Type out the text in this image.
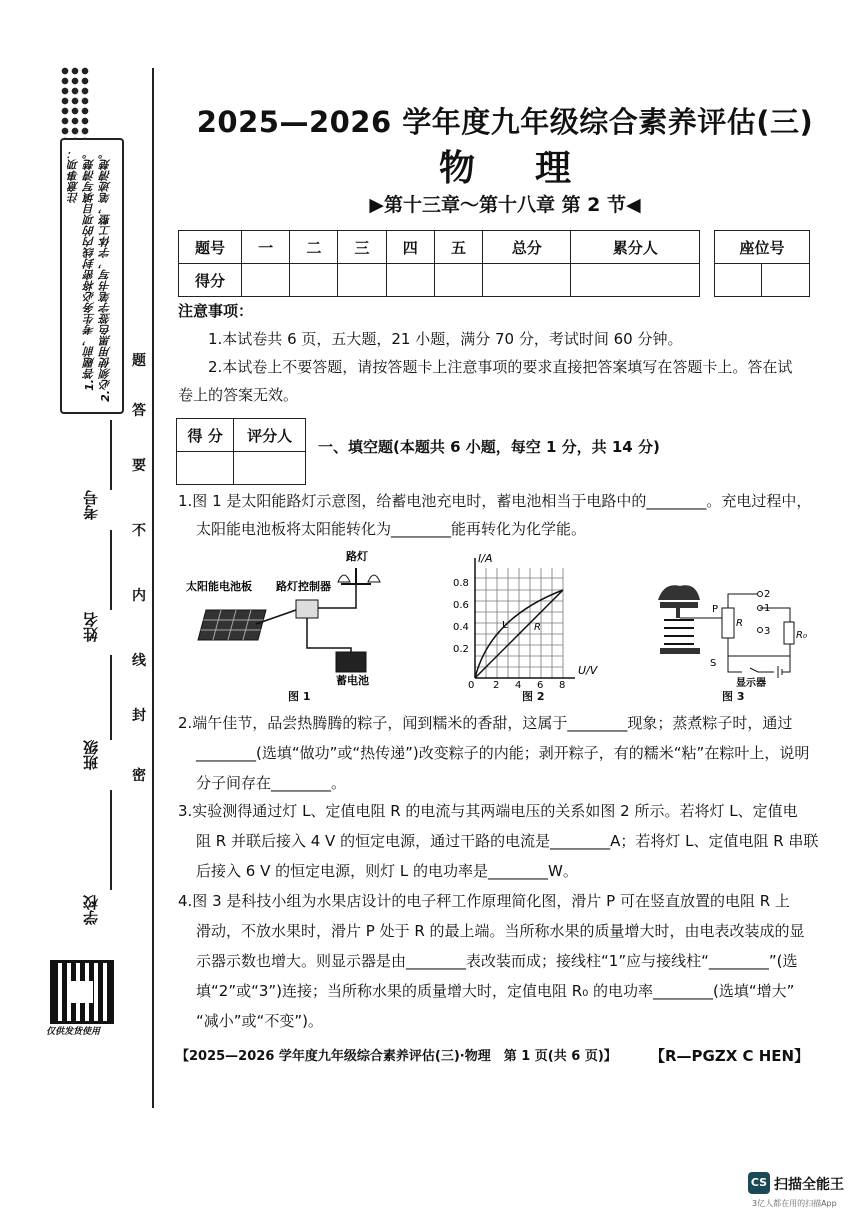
注意事项： 1.答题前，考生务必将密封线内的项目填写清楚。 2.必须使用黑色签字笔书写，字体工整，笔迹清楚。
考号
姓名
班级
学校
题
答
要
不
内
线
封
密
仅供发货使用
2025—2026 学年度九年级综合素养评估(三)
物理
▶第十三章～第十八章 第 2 节◀
题号	一	二	三	四	五	总分	累分人
得分							
座位号

注意事项：
1.本试卷共 6 页，五大题，21 小题，满分 70 分，考试时间 60 分钟。
2.本试卷上不要答题，请按答题卡上注意事项的要求直接把答案填写在答题卡上。答在试
卷上的答案无效。
得 分	评分人

一、填空题(本题共 6 小题，每空 1 分，共 14 分)
1.图 1 是太阳能路灯示意图，给蓄电池充电时，蓄电池相当于电路中的________。充电过程中，
太阳能电池板将太阳能转化为________能再转化为化学能。
太阳能电池板 路灯控制器
路灯
蓄电池
图 1
I/A
U/V
0.8
0.6
0.4
0.2
0 2 4 6 8
L	R
图 2
P
R
R₀
2
1
3
S
显示器
图 3
2.端午佳节，品尝热腾腾的粽子，闻到糯米的香甜，这属于________现象；蒸煮粽子时，通过
________(选填“做功”或“热传递”)改变粽子的内能；剥开粽子，有的糯米“粘”在粽叶上，说明
分子间存在________。
3.实验测得通过灯 L、定值电阻 R 的电流与其两端电压的关系如图 2 所示。若将灯 L、定值电
阻 R 并联后接入 4 V 的恒定电源，通过干路的电流是________A；若将灯 L、定值电阻 R 串联
后接入 6 V 的恒定电源，则灯 L 的电功率是________W。
4.图 3 是科技小组为水果店设计的电子秤工作原理简化图，滑片 P 可在竖直放置的电阻 R 上
滑动，不放水果时，滑片 P 处于 R 的最上端。当所称水果的质量增大时，由电表改装成的显
示器示数也增大。则显示器是由________表改装而成；接线柱“1”应与接线柱“________”(选
填“2”或“3”)连接；当所称水果的质量增大时，定值电阻 R₀ 的电功率________(选填“增大”
“减小”或“不变”)。
【2025—2026 学年度九年级综合素养评估(三)·物理　第 1 页(共 6 页)】 【R—PGZX C HEN】
CS 扫描全能王
3亿人都在用的扫描App
